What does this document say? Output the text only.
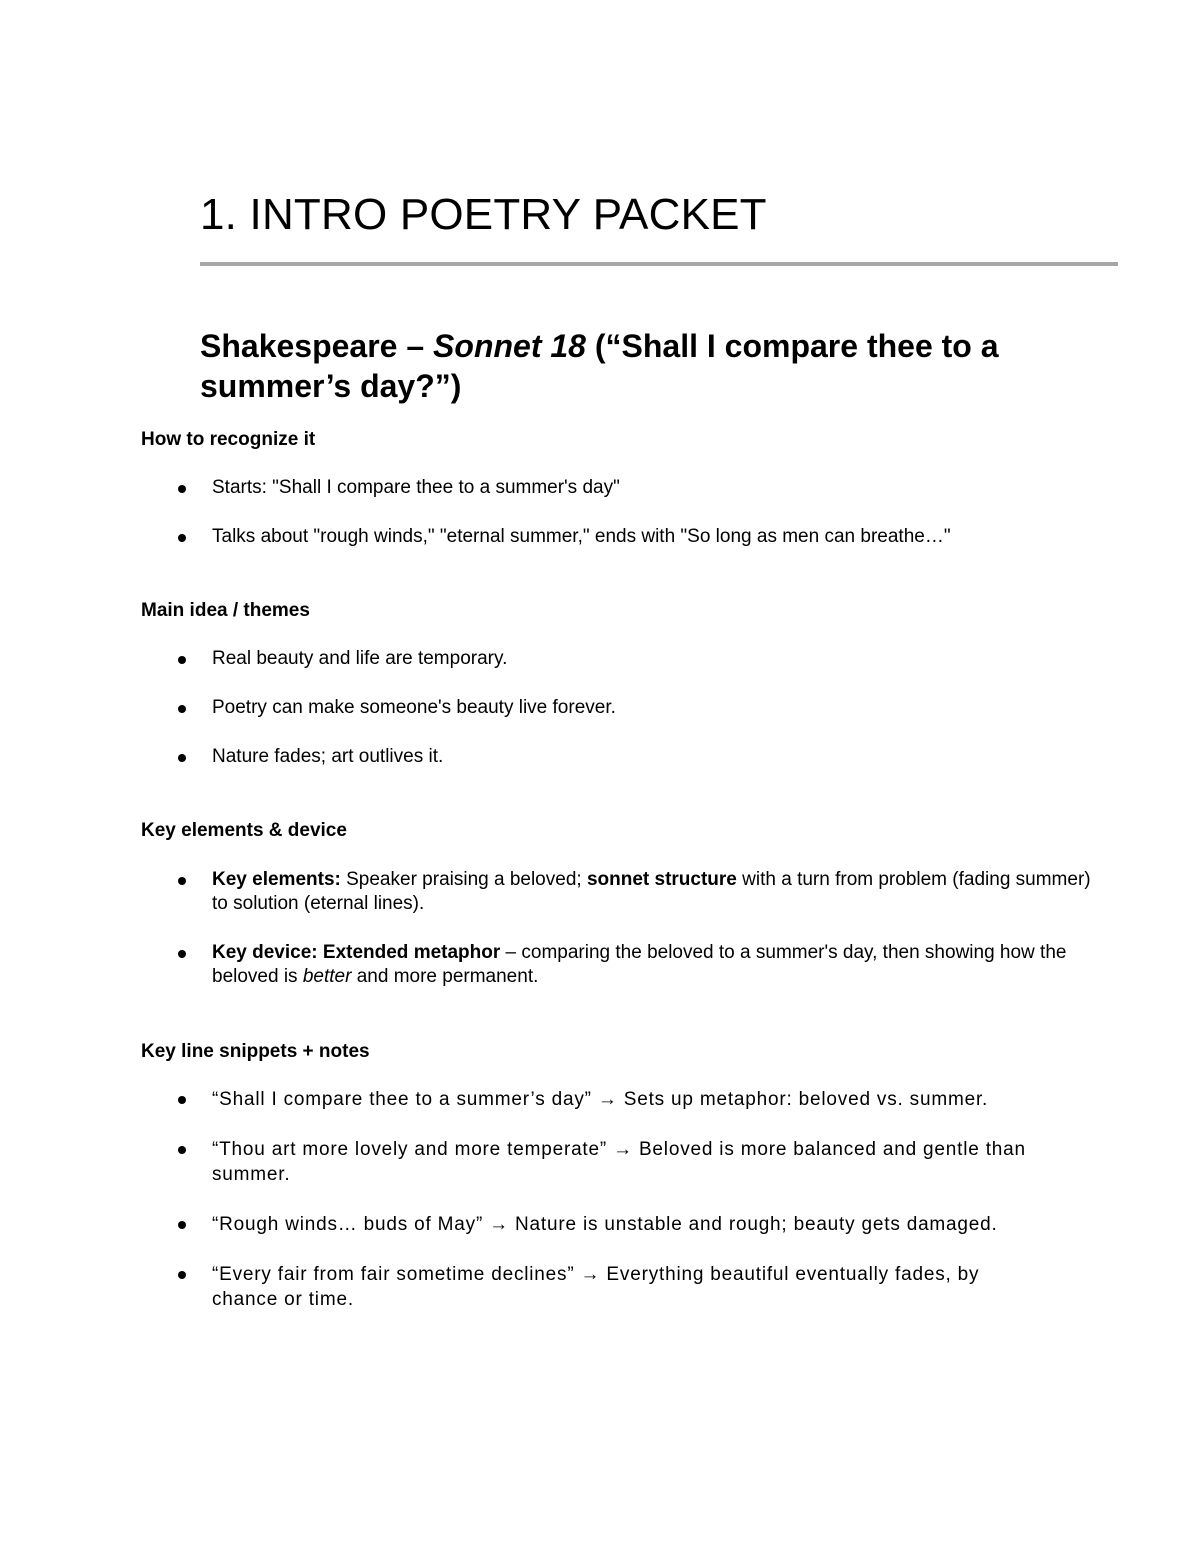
1. INTRO POETRY PACKET
Shakespeare – Sonnet 18 (“Shall I compare thee to a summer’s day?”)
How to recognize it
Starts: "Shall I compare thee to a summer's day"
Talks about "rough winds," "eternal summer," ends with "So long as men can breathe…"
Main idea / themes
Real beauty and life are temporary.
Poetry can make someone's beauty live forever.
Nature fades; art outlives it.
Key elements & device
Key elements: Speaker praising a beloved; sonnet structure with a turn from problem (fading summer) to solution (eternal lines).
Key device: Extended metaphor – comparing the beloved to a summer's day, then showing how the beloved is better and more permanent.
Key line snippets + notes
“Shall I compare thee to a summer’s day” → Sets up metaphor: beloved vs. summer.
“Thou art more lovely and more temperate” → Beloved is more balanced and gentle than summer.
“Rough winds… buds of May” → Nature is unstable and rough; beauty gets damaged.
“Every fair from fair sometime declines” → Everything beautiful eventually fades, by chance or time.
